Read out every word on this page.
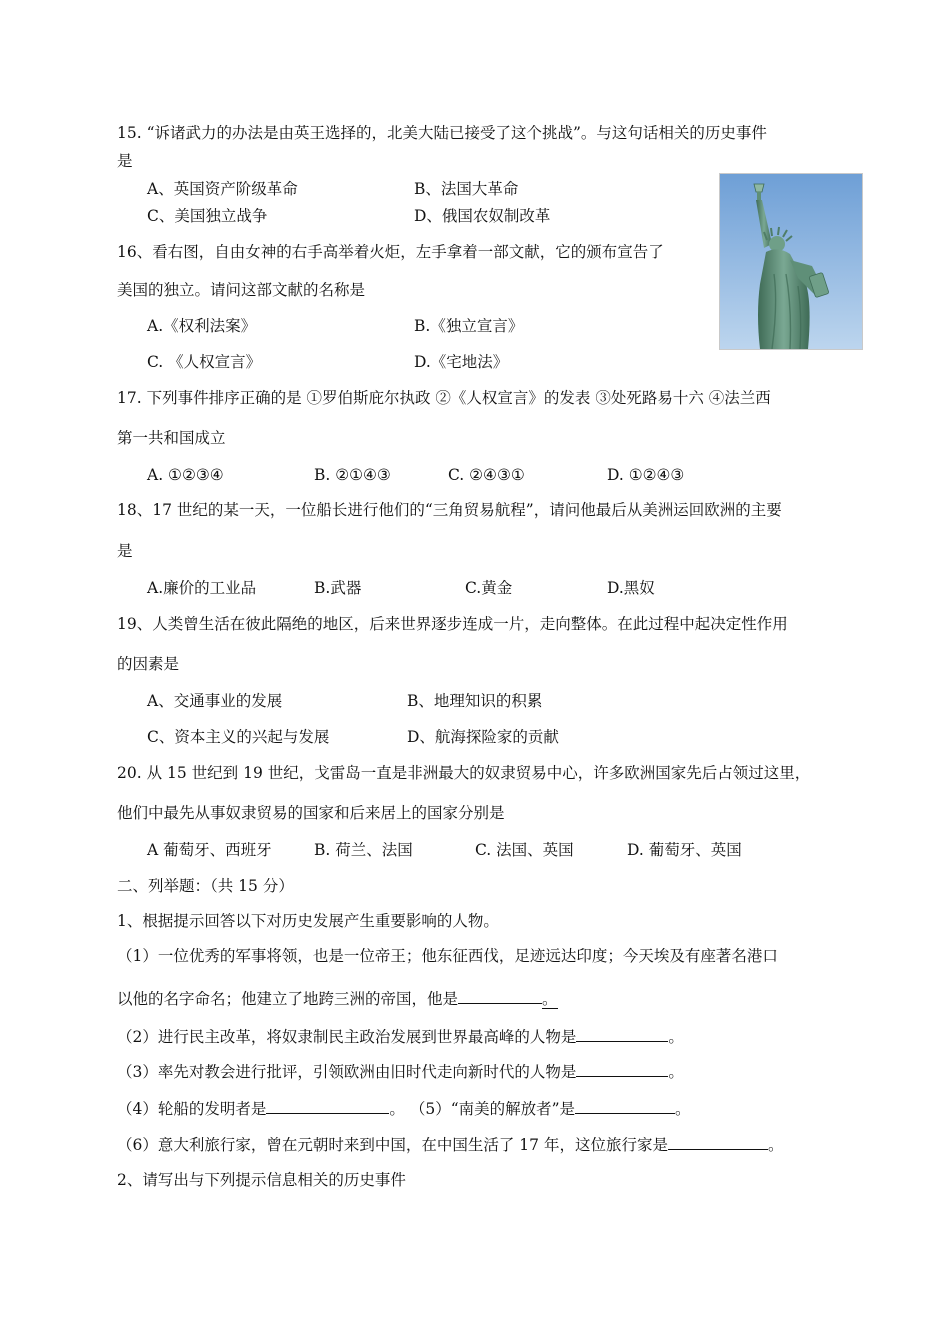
15. “诉诸武力的办法是由英王选择的，北美大陆已接受了这个挑战”。与这句话相关的历史事件
是
A、英国资产阶级革命	B、法国大革命
C、美国独立战争	D、俄国农奴制改革
16、看右图，自由女神的右手高举着火炬，左手拿着一部文献，它的颁布宣告了
美国的独立。请问这部文献的名称是
A.《权利法案》	B.《独立宣言》
C. 《人权宣言》	D.《宅地法》
17. 下列事件排序正确的是 ①罗伯斯庇尔执政 ②《人权宣言》的发表 ③处死路易十六 ④法兰西
第一共和国成立
A. ①②③④	B. ②①④③	C. ②④③①	D. ①②④③
18、17 世纪的某一天，一位船长进行他们的“三角贸易航程”，请问他最后从美洲运回欧洲的主要
是
A.廉价的工业品	B.武器	C.黄金	D.黑奴
19、人类曾生活在彼此隔绝的地区，后来世界逐步连成一片，走向整体。在此过程中起决定性作用
的因素是
A、交通事业的发展	B、地理知识的积累
C、资本主义的兴起与发展	D、航海探险家的贡献
20. 从 15 世纪到 19 世纪，戈雷岛一直是非洲最大的奴隶贸易中心，许多欧洲国家先后占领过这里，
他们中最先从事奴隶贸易的国家和后来居上的国家分别是
A 葡萄牙、西班牙	B. 荷兰、法国	C. 法国、英国	D. 葡萄牙、英国
二、列举题：（共 15 分）
1、根据提示回答以下对历史发展产生重要影响的人物。
（1）一位优秀的军事将领，也是一位帝王；他东征西伐，足迹远达印度；今天埃及有座著名港口
以他的名字命名；他建立了地跨三洲的帝国，他是	。
（2）进行民主改革，将奴隶制民主政治发展到世界最高峰的人物是	。
（3）率先对教会进行批评，引领欧洲由旧时代走向新时代的人物是	。
（4）轮船的发明者是	。 （5）“南美的解放者”是	。
（6）意大利旅行家，曾在元朝时来到中国，在中国生活了 17 年，这位旅行家是	。
2、请写出与下列提示信息相关的历史事件
